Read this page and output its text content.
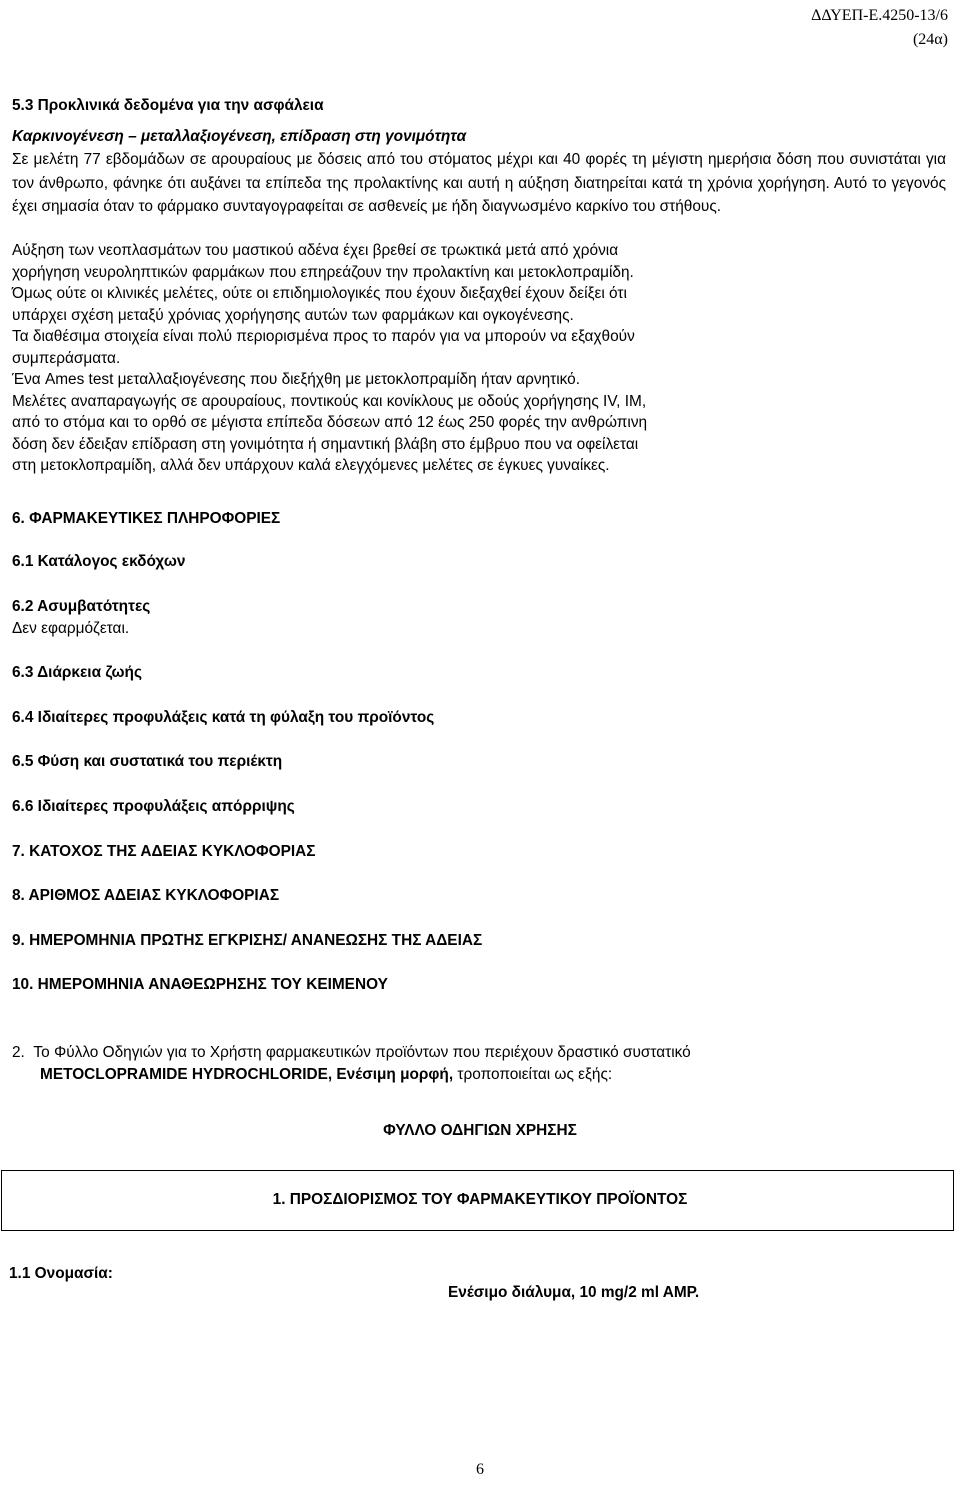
ΔΔΥΕΠ-Ε.4250-13/6
(24α)
5.3 Προκλινικά δεδομένα για την ασφάλεια
Καρκινογένεση – μεταλλαξιογένεση, επίδραση στη γονιμότητα
Σε μελέτη 77 εβδομάδων σε αρουραίους με δόσεις από του στόματος μέχρι και 40 φορές τη μέγιστη ημερήσια δόση που συνιστάται για τον άνθρωπο, φάνηκε ότι αυξάνει τα επίπεδα της προλακτίνης και αυτή η αύξηση διατηρείται κατά τη χρόνια χορήγηση. Αυτό το γεγονός έχει σημασία όταν το φάρμακο συνταγογραφείται σε ασθενείς με ήδη διαγνωσμένο καρκίνο του στήθους.
Αύξηση των νεοπλασμάτων του μαστικού αδένα έχει βρεθεί σε τρωκτικά μετά από χρόνια
χορήγηση νευροληπτικών φαρμάκων που επηρεάζουν την προλακτίνη και μετοκλοπραμίδη.
Όμως ούτε οι κλινικές μελέτες, ούτε οι επιδημιολογικές που έχουν διεξαχθεί έχουν δείξει ότι
υπάρχει σχέση μεταξύ χρόνιας χορήγησης αυτών των φαρμάκων και ογκογένεσης.
Τα διαθέσιμα στοιχεία είναι πολύ περιορισμένα προς το παρόν για να μπορούν να εξαχθούν
συμπεράσματα.
Ένα Ames test μεταλλαξιογένεσης που διεξήχθη με μετοκλοπραμίδη ήταν αρνητικό.
Μελέτες αναπαραγωγής σε αρουραίους, ποντικούς και κονίκλους με οδούς χορήγησης IV, IM,
από το στόμα και το ορθό σε μέγιστα επίπεδα δόσεων από 12 έως 250 φορές την ανθρώπινη
δόση δεν έδειξαν επίδραση στη γονιμότητα ή σημαντική βλάβη στο έμβρυο που να οφείλεται
στη μετοκλοπραμίδη, αλλά δεν υπάρχουν καλά ελεγχόμενες μελέτες σε έγκυες γυναίκες.
6. ΦΑΡΜΑΚΕΥΤΙΚΕΣ ΠΛΗΡΟΦΟΡΙΕΣ
6.1 Κατάλογος εκδόχων
6.2 Ασυμβατότητες
Δεν εφαρμόζεται.
6.3 Διάρκεια ζωής
6.4 Ιδιαίτερες προφυλάξεις κατά τη φύλαξη του προϊόντος
6.5 Φύση και συστατικά του περιέκτη
6.6 Ιδιαίτερες προφυλάξεις απόρριψης
7. ΚΑΤΟΧΟΣ ΤΗΣ ΑΔΕΙΑΣ ΚΥΚΛΟΦΟΡΙΑΣ
8. ΑΡΙΘΜΟΣ ΑΔΕΙΑΣ ΚΥΚΛΟΦΟΡΙΑΣ
9. ΗΜΕΡΟΜΗΝΙΑ ΠΡΩΤΗΣ ΕΓΚΡΙΣΗΣ/ ΑΝΑΝΕΩΣΗΣ ΤΗΣ ΑΔΕΙΑΣ
10. ΗΜΕΡΟΜΗΝΙΑ ΑΝΑΘΕΩΡΗΣΗΣ ΤΟΥ ΚΕΙΜΕΝΟΥ
2. Το Φύλλο Οδηγιών για το Χρήστη φαρμακευτικών προϊόντων που περιέχουν δραστικό συστατικό
METOCLOPRAMIDE HYDROCHLORIDE, Ενέσιμη μορφή, τροποποιείται ως εξής:
ΦΥΛΛΟ ΟΔΗΓΙΩΝ ΧΡΗΣΗΣ
1. ΠΡΟΣΔΙΟΡΙΣΜΟΣ ΤΟΥ ΦΑΡΜΑΚΕΥΤΙΚΟΥ ΠΡΟΪΟΝΤΟΣ
1.1 Ονομασία:
Ενέσιμο διάλυμα, 10 mg/2 ml AMP.
6
